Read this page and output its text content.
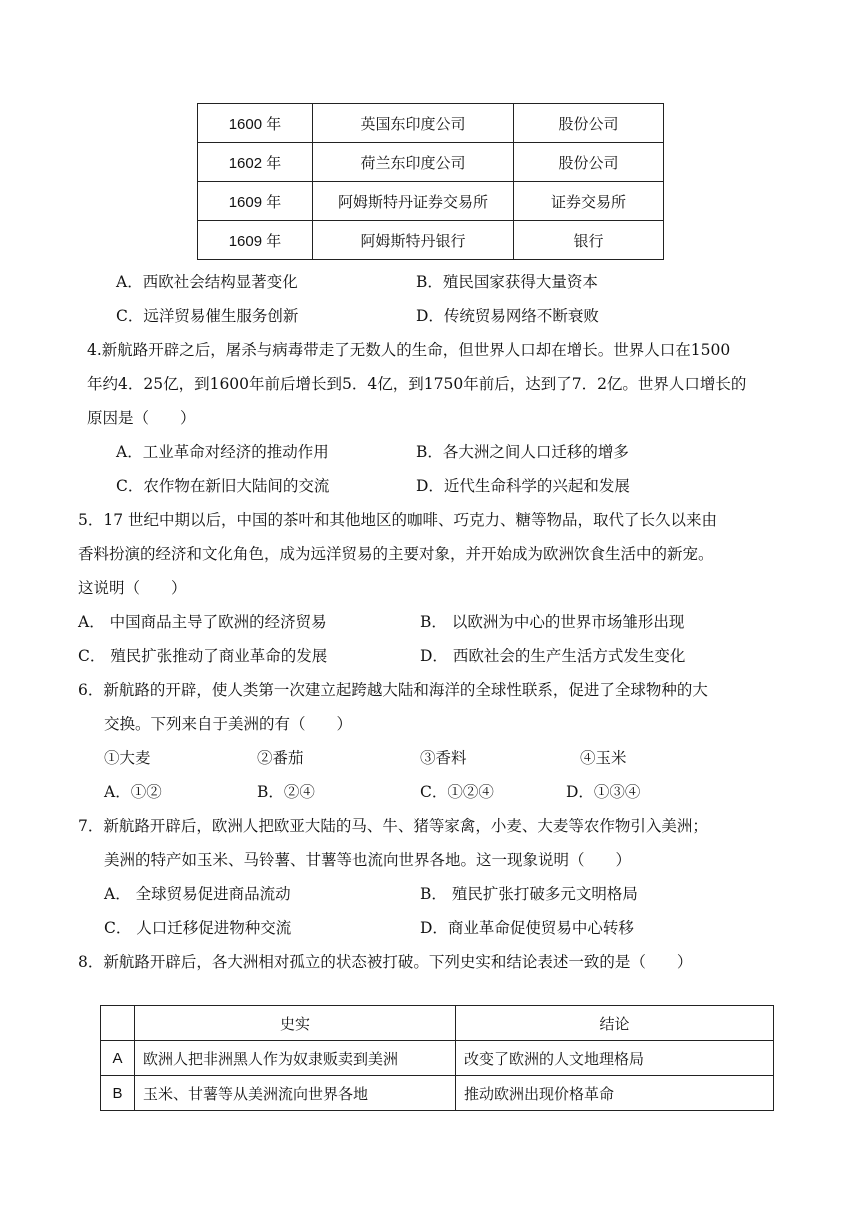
1600 年	英国东印度公司	股份公司
1602 年	荷兰东印度公司	股份公司
1609 年	阿姆斯特丹证券交易所	证券交易所
1609 年	阿姆斯特丹银行	银行
A．西欧社会结构显著变化	B．殖民国家获得大量资本
C．远洋贸易催生服务创新	D．传统贸易网络不断衰败
4.新航路开辟之后，屠杀与病毒带走了无数人的生命，但世界人口却在增长。世界人口在1500
年约4．25亿，到1600年前后增长到5．4亿，到1750年前后，达到了7．2亿。世界人口增长的
原因是（　　）
A．工业革命对经济的推动作用	B．各大洲之间人口迁移的增多
C．农作物在新旧大陆间的交流	D．近代生命科学的兴起和发展
5．17 世纪中期以后，中国的茶叶和其他地区的咖啡、巧克力、糖等物品，取代了长久以来由
香料扮演的经济和文化角色，成为远洋贸易的主要对象，并开始成为欧洲饮食生活中的新宠。
这说明（　　）
A． 中国商品主导了欧洲的经济贸易	B． 以欧洲为中心的世界市场雏形出现
C． 殖民扩张推动了商业革命的发展	D． 西欧社会的生产生活方式发生变化
6．新航路的开辟，使人类第一次建立起跨越大陆和海洋的全球性联系，促进了全球物种的大
交换。下列来自于美洲的有（　　）
①大麦	②番茄	③香料	④玉米
A．①②	B．②④	C．①②④	D．①③④
7．新航路开辟后，欧洲人把欧亚大陆的马、牛、猪等家禽，小麦、大麦等农作物引入美洲；
美洲的特产如玉米、马铃薯、甘薯等也流向世界各地。这一现象说明（　　）
A． 全球贸易促进商品流动	B． 殖民扩张打破多元文明格局
C． 人口迁移促进物种交流	D．商业革命促使贸易中心转移
8．新航路开辟后，各大洲相对孤立的状态被打破。下列史实和结论表述一致的是（　　）
	史实	结论
A	欧洲人把非洲黑人作为奴隶贩卖到美洲	改变了欧洲的人文地理格局
B	玉米、甘薯等从美洲流向世界各地	推动欧洲出现价格革命
